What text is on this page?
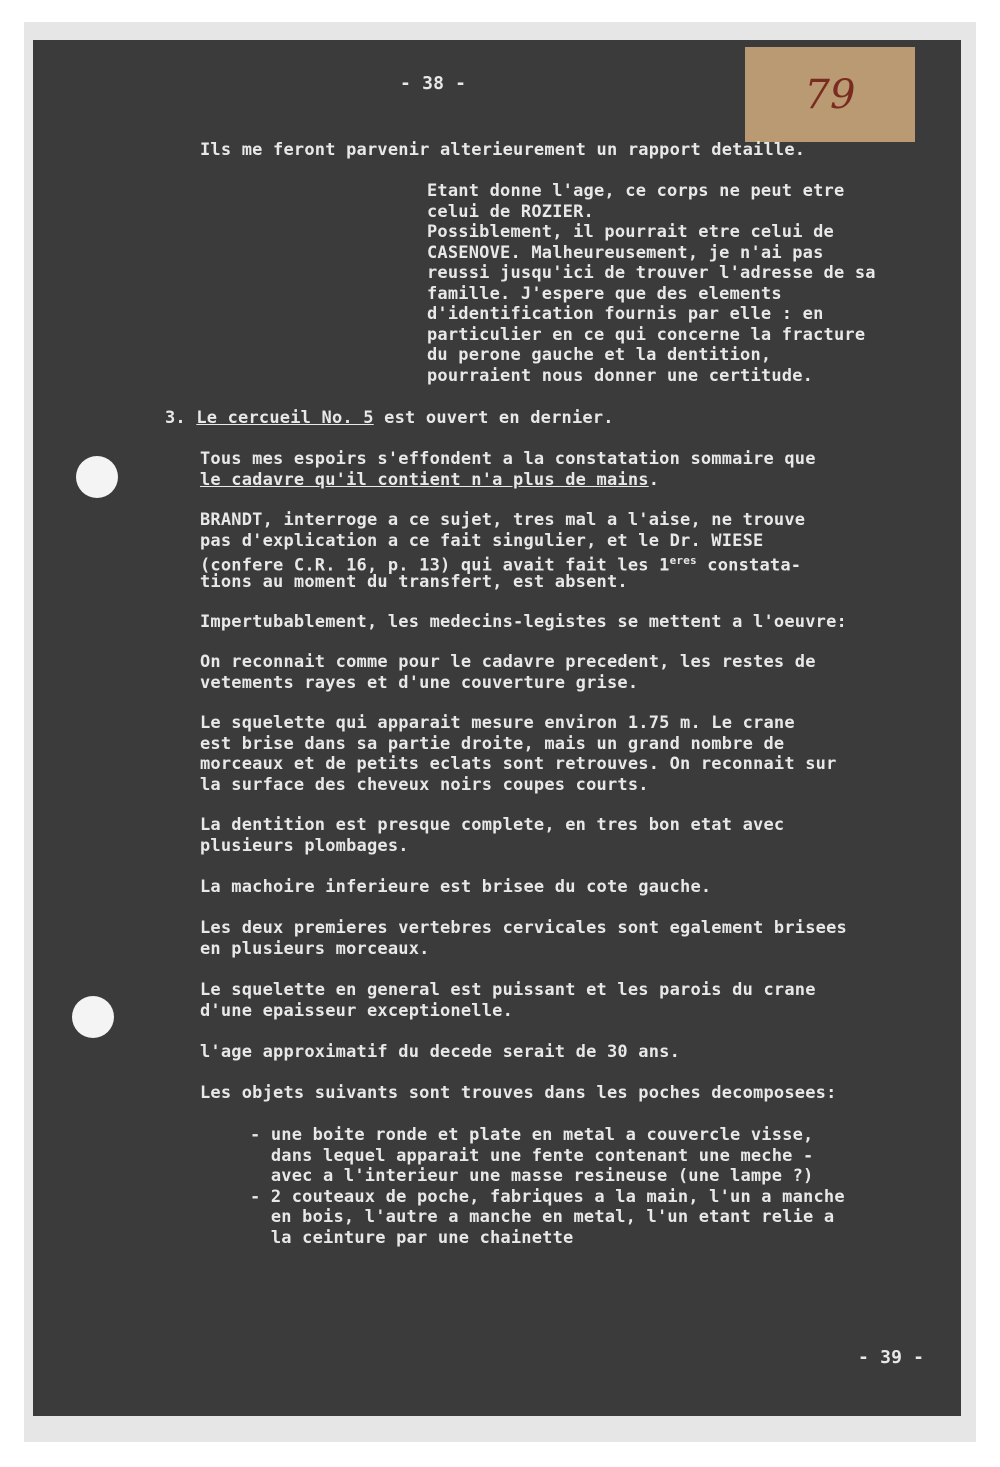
79
- 38 -
Ils me feront parvenir alterieurement un rapport detaille.
Etant donne l'age, ce corps ne peut etre
celui de ROZIER.
Possiblement, il pourrait etre celui de
CASENOVE. Malheureusement, je n'ai pas
reussi jusqu'ici de trouver l'adresse de sa
famille. J'espere que des elements
d'identification fournis par elle : en
particulier en ce qui concerne la fracture
du perone gauche et la dentition,
pourraient nous donner une certitude.
3. Le cercueil No. 5 est ouvert en dernier.
Tous mes espoirs s'effondent a la constatation sommaire que
le cadavre qu'il contient n'a plus de mains.
BRANDT, interroge a ce sujet, tres mal a l'aise, ne trouve
pas d'explication a ce fait singulier, et le Dr. WIESE
(confere C.R. 16, p. 13) qui avait fait les $1^{eres}$ constata-
tions au moment du transfert, est absent.
Impertubablement, les medecins-legistes se mettent a l'oeuvre:
On reconnait comme pour le cadavre precedent, les restes de
vetements rayes et d'une couverture grise.
Le squelette qui apparait mesure environ 1.75 m. Le crane
est brise dans sa partie droite, mais un grand nombre de
morceaux et de petits eclats sont retrouves. On reconnait sur
la surface des cheveux noirs coupes courts.
La dentition est presque complete, en tres bon etat avec
plusieurs plombages.
La machoire inferieure est brisee du cote gauche.
Les deux premieres vertebres cervicales sont egalement brisees
en plusieurs morceaux.
Le squelette en general est puissant et les parois du crane
d'une epaisseur exceptionelle.
l'age approximatif du decede serait de 30 ans.
Les objets suivants sont trouves dans les poches decomposees:
- une boite ronde et plate en metal a couvercle visse,
dans lequel apparait une fente contenant une meche -
avec a l'interieur une masse resineuse (une lampe ?)
- 2 couteaux de poche, fabriques a la main, l'un a manche
en bois, l'autre a manche en metal, l'un etant relie a
la ceinture par une chainette
- 39 -
